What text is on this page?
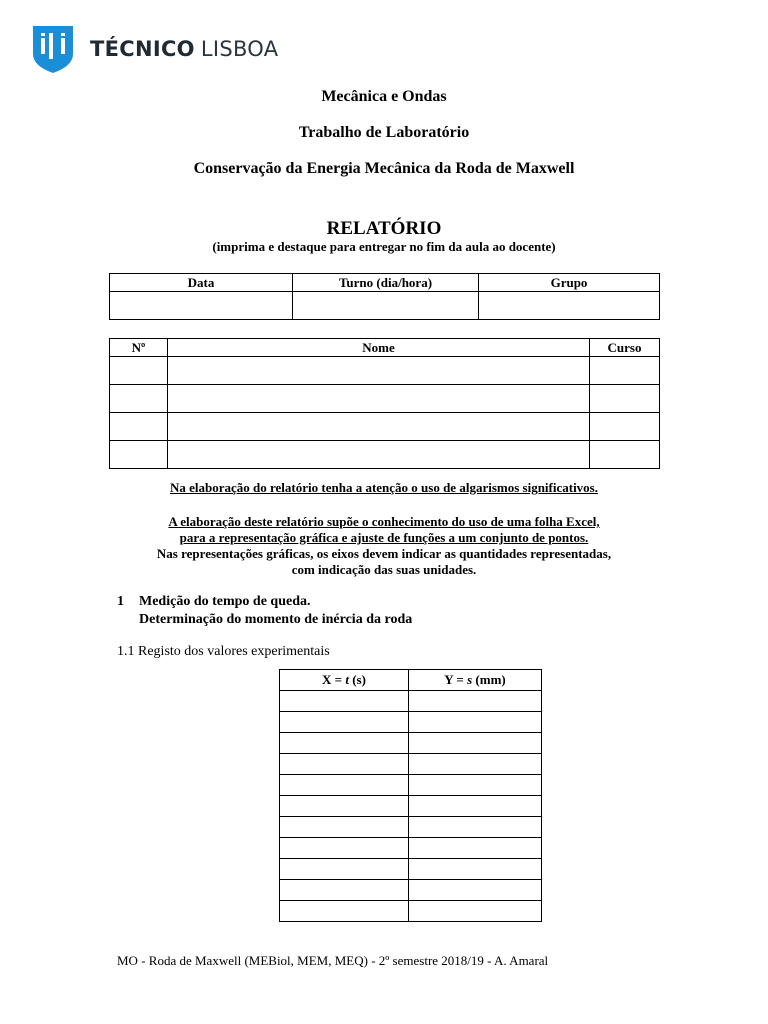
TÉCNICO LISBOA
Mecânica e Ondas
Trabalho de Laboratório
Conservação da Energia Mecânica da Roda de Maxwell
RELATÓRIO
(imprima e destaque para entregar no fim da aula ao docente)
Data	Turno (dia/hora)	Grupo

Nº	Nome	Curso

Na elaboração do relatório tenha a atenção o uso de algarismos significativos.
A elaboração deste relatório supõe o conhecimento do uso de uma folha Excel,
para a representação gráfica e ajuste de funções a um conjunto de pontos.
Nas representações gráficas, os eixos devem indicar as quantidades representadas,
com indicação das suas unidades.
1 Medição do tempo de queda.
Determinação do momento de inércia da roda
1.1 Registo dos valores experimentais
X = t (s)	Y = s (mm)

MO - Roda de Maxwell (MEBiol, MEM, MEQ) - 2º semestre 2018/19 - A. Amaral
